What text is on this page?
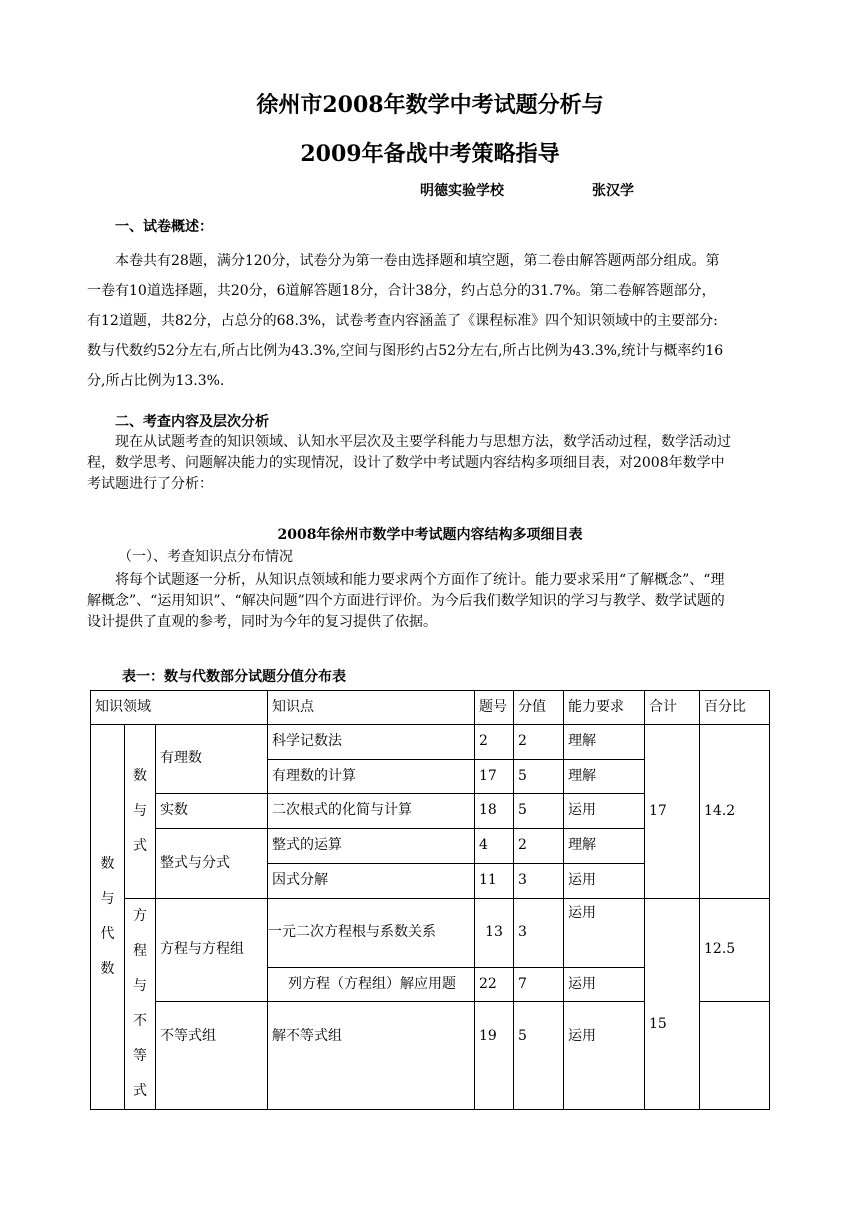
徐州市2008年数学中考试题分析与
2009年备战中考策略指导
明德实验学校	张汉学
一、试卷概述：
本卷共有28题，满分120分，试卷分为第一卷由选择题和填空题，第二卷由解答题两部分组成。第
一卷有10道选择题，共20分，6道解答题18分，合计38分，约占总分的31.7%。第二卷解答题部分，
有12道题，共82分，占总分的68.3%，试卷考查内容涵盖了《课程标准》四个知识领域中的主要部分:
数与代数约52分左右,所占比例为43.3%,空间与图形约占52分左右,所占比例为43.3%,统计与概率约16
分,所占比例为13.3%.
二、考查内容及层次分析
现在从试题考查的知识领域、认知水平层次及主要学科能力与思想方法，数学活动过程，数学活动过
程，数学思考、问题解决能力的实现情况，设计了数学中考试题内容结构多项细目表，对2008年数学中
考试题进行了分析：
2008年徐州市数学中考试题内容结构多项细目表
（一）、考查知识点分布情况
将每个试题逐一分析，从知识点领域和能力要求两个方面作了统计。能力要求采用“了解概念”、“理
解概念”、“运用知识”、“解决问题”四个方面进行评价。为今后我们数学知识的学习与教学、数学试题的
设计提供了直观的参考，同时为今年的复习提供了依据。
表一：数与代数部分试题分值分布表
知识领域			知识点	题号	分值	能力要求	合计	百分比
数与代数	数与式	有理数	科学记数法	2	2	理解	17	14.2
			有理数的计算	17	5	理解		
		实数	二次根式的化简与计算	18	5	运用		
		整式与分式	整式的运算	4	2	理解		
			因式分解	11	3	运用		
	方程与不等式	方程与方程组	一元二次方程根与系数关系	13	3	运用	15	12.5
			列方程（方程组）解应用题	22	7	运用		
		不等式组	解不等式组	19	5	运用		
